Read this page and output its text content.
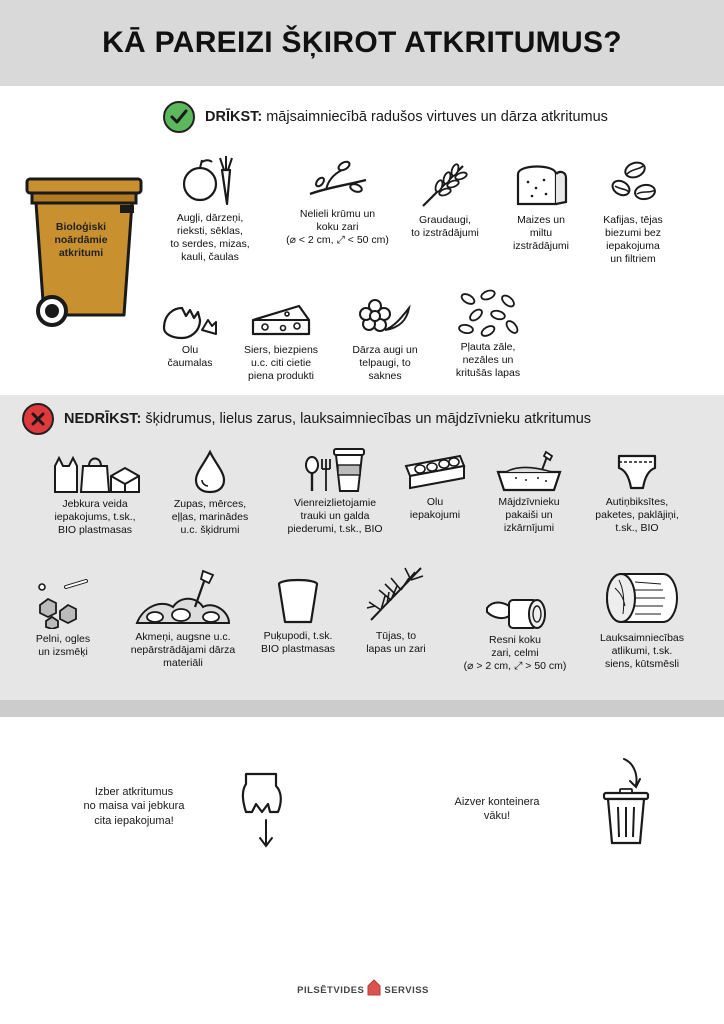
KĀ PAREIZI ŠĶIROT ATKRITUMUS?
DRĪKST: mājsaimniecībā radušos virtuves un dārza atkritumus
Bioloģiski noārdāmie atkritumi
Augļi, dārzeņi,
rieksti, sēklas,
to serdes, mizas,
kauli, čaulas
Nelieli krūmu un
koku zari
(⌀ < 2 cm, ⤢ < 50 cm)
Graudaugi,
to izstrādājumi
Maizes un
miltu
izstrādājumi
Kafijas, tējas
biezumi bez
iepakojuma
un filtriem
Olu
čaumalas
Siers, biezpiens
u.c. citi cietie
piena produkti
Dārza augi un
telpaugi, to
saknes
Pļauta zāle,
nezāles un
kritušās lapas
NEDRĪKST: šķidrumus, lielus zarus, lauksaimniecības un mājdzīvnieku atkritumus
Jebkura veida
iepakojums, t.sk.,
BIO plastmasas
Zupas, mērces,
eļļas, marinādes
u.c. šķidrumi
Vienreizlietojamie
trauki un galda
piederumi, t.sk., BIO
Olu
iepakojumi
Mājdzīvnieku
pakaiši un
izkārnījumi
Autiņbiksītes,
paketes, paklājiņi,
t.sk., BIO
Pelni, ogles
un izsmēķi
Akmeņi, augsne u.c.
nepārstrādājami dārza
materiāli
Puķupodi, t.sk.
BIO plastmasas
Tūjas, to
lapas un zari
Resni koku
zari, celmi
(⌀ > 2 cm, ⤢ > 50 cm)
Lauksaimniecības
atlikumi, t.sk.
siens, kūtsmēsli
Izber atkritumus
no maisa vai jebkura
cita iepakojuma!
Aizver konteinera
vāku!
PILSĒTVIDES SERVISS
